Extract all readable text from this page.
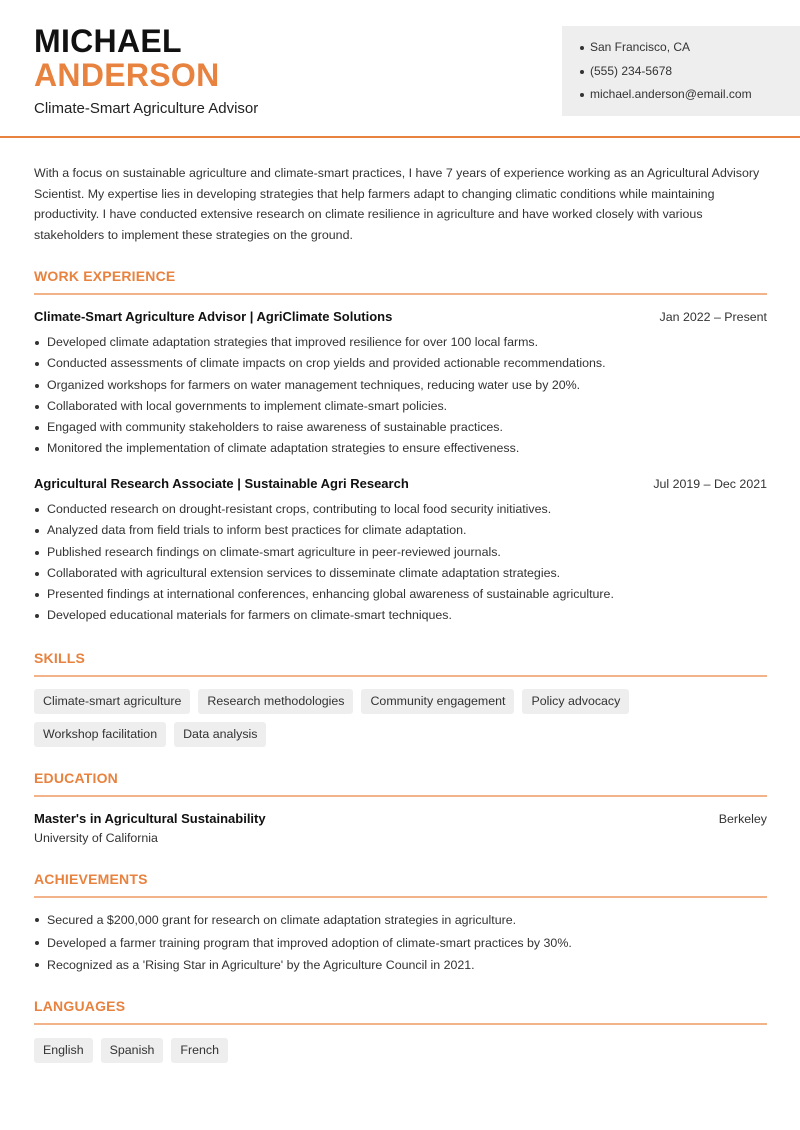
MICHAEL
ANDERSON
Climate-Smart Agriculture Advisor
San Francisco, CA
(555) 234-5678
michael.anderson@email.com
With a focus on sustainable agriculture and climate-smart practices, I have 7 years of experience working as an Agricultural Advisory Scientist. My expertise lies in developing strategies that help farmers adapt to changing climatic conditions while maintaining productivity. I have conducted extensive research on climate resilience in agriculture and have worked closely with various stakeholders to implement these strategies on the ground.
WORK EXPERIENCE
Climate-Smart Agriculture Advisor | AgriClimate Solutions	Jan 2022 – Present
Developed climate adaptation strategies that improved resilience for over 100 local farms.
Conducted assessments of climate impacts on crop yields and provided actionable recommendations.
Organized workshops for farmers on water management techniques, reducing water use by 20%.
Collaborated with local governments to implement climate-smart policies.
Engaged with community stakeholders to raise awareness of sustainable practices.
Monitored the implementation of climate adaptation strategies to ensure effectiveness.
Agricultural Research Associate | Sustainable Agri Research	Jul 2019 – Dec 2021
Conducted research on drought-resistant crops, contributing to local food security initiatives.
Analyzed data from field trials to inform best practices for climate adaptation.
Published research findings on climate-smart agriculture in peer-reviewed journals.
Collaborated with agricultural extension services to disseminate climate adaptation strategies.
Presented findings at international conferences, enhancing global awareness of sustainable agriculture.
Developed educational materials for farmers on climate-smart techniques.
SKILLS
Climate-smart agriculture	Research methodologies	Community engagement	Policy advocacy
Workshop facilitation	Data analysis
EDUCATION
Master's in Agricultural Sustainability	Berkeley
University of California
ACHIEVEMENTS
Secured a $200,000 grant for research on climate adaptation strategies in agriculture.
Developed a farmer training program that improved adoption of climate-smart practices by 30%.
Recognized as a 'Rising Star in Agriculture' by the Agriculture Council in 2021.
LANGUAGES
English	Spanish	French
